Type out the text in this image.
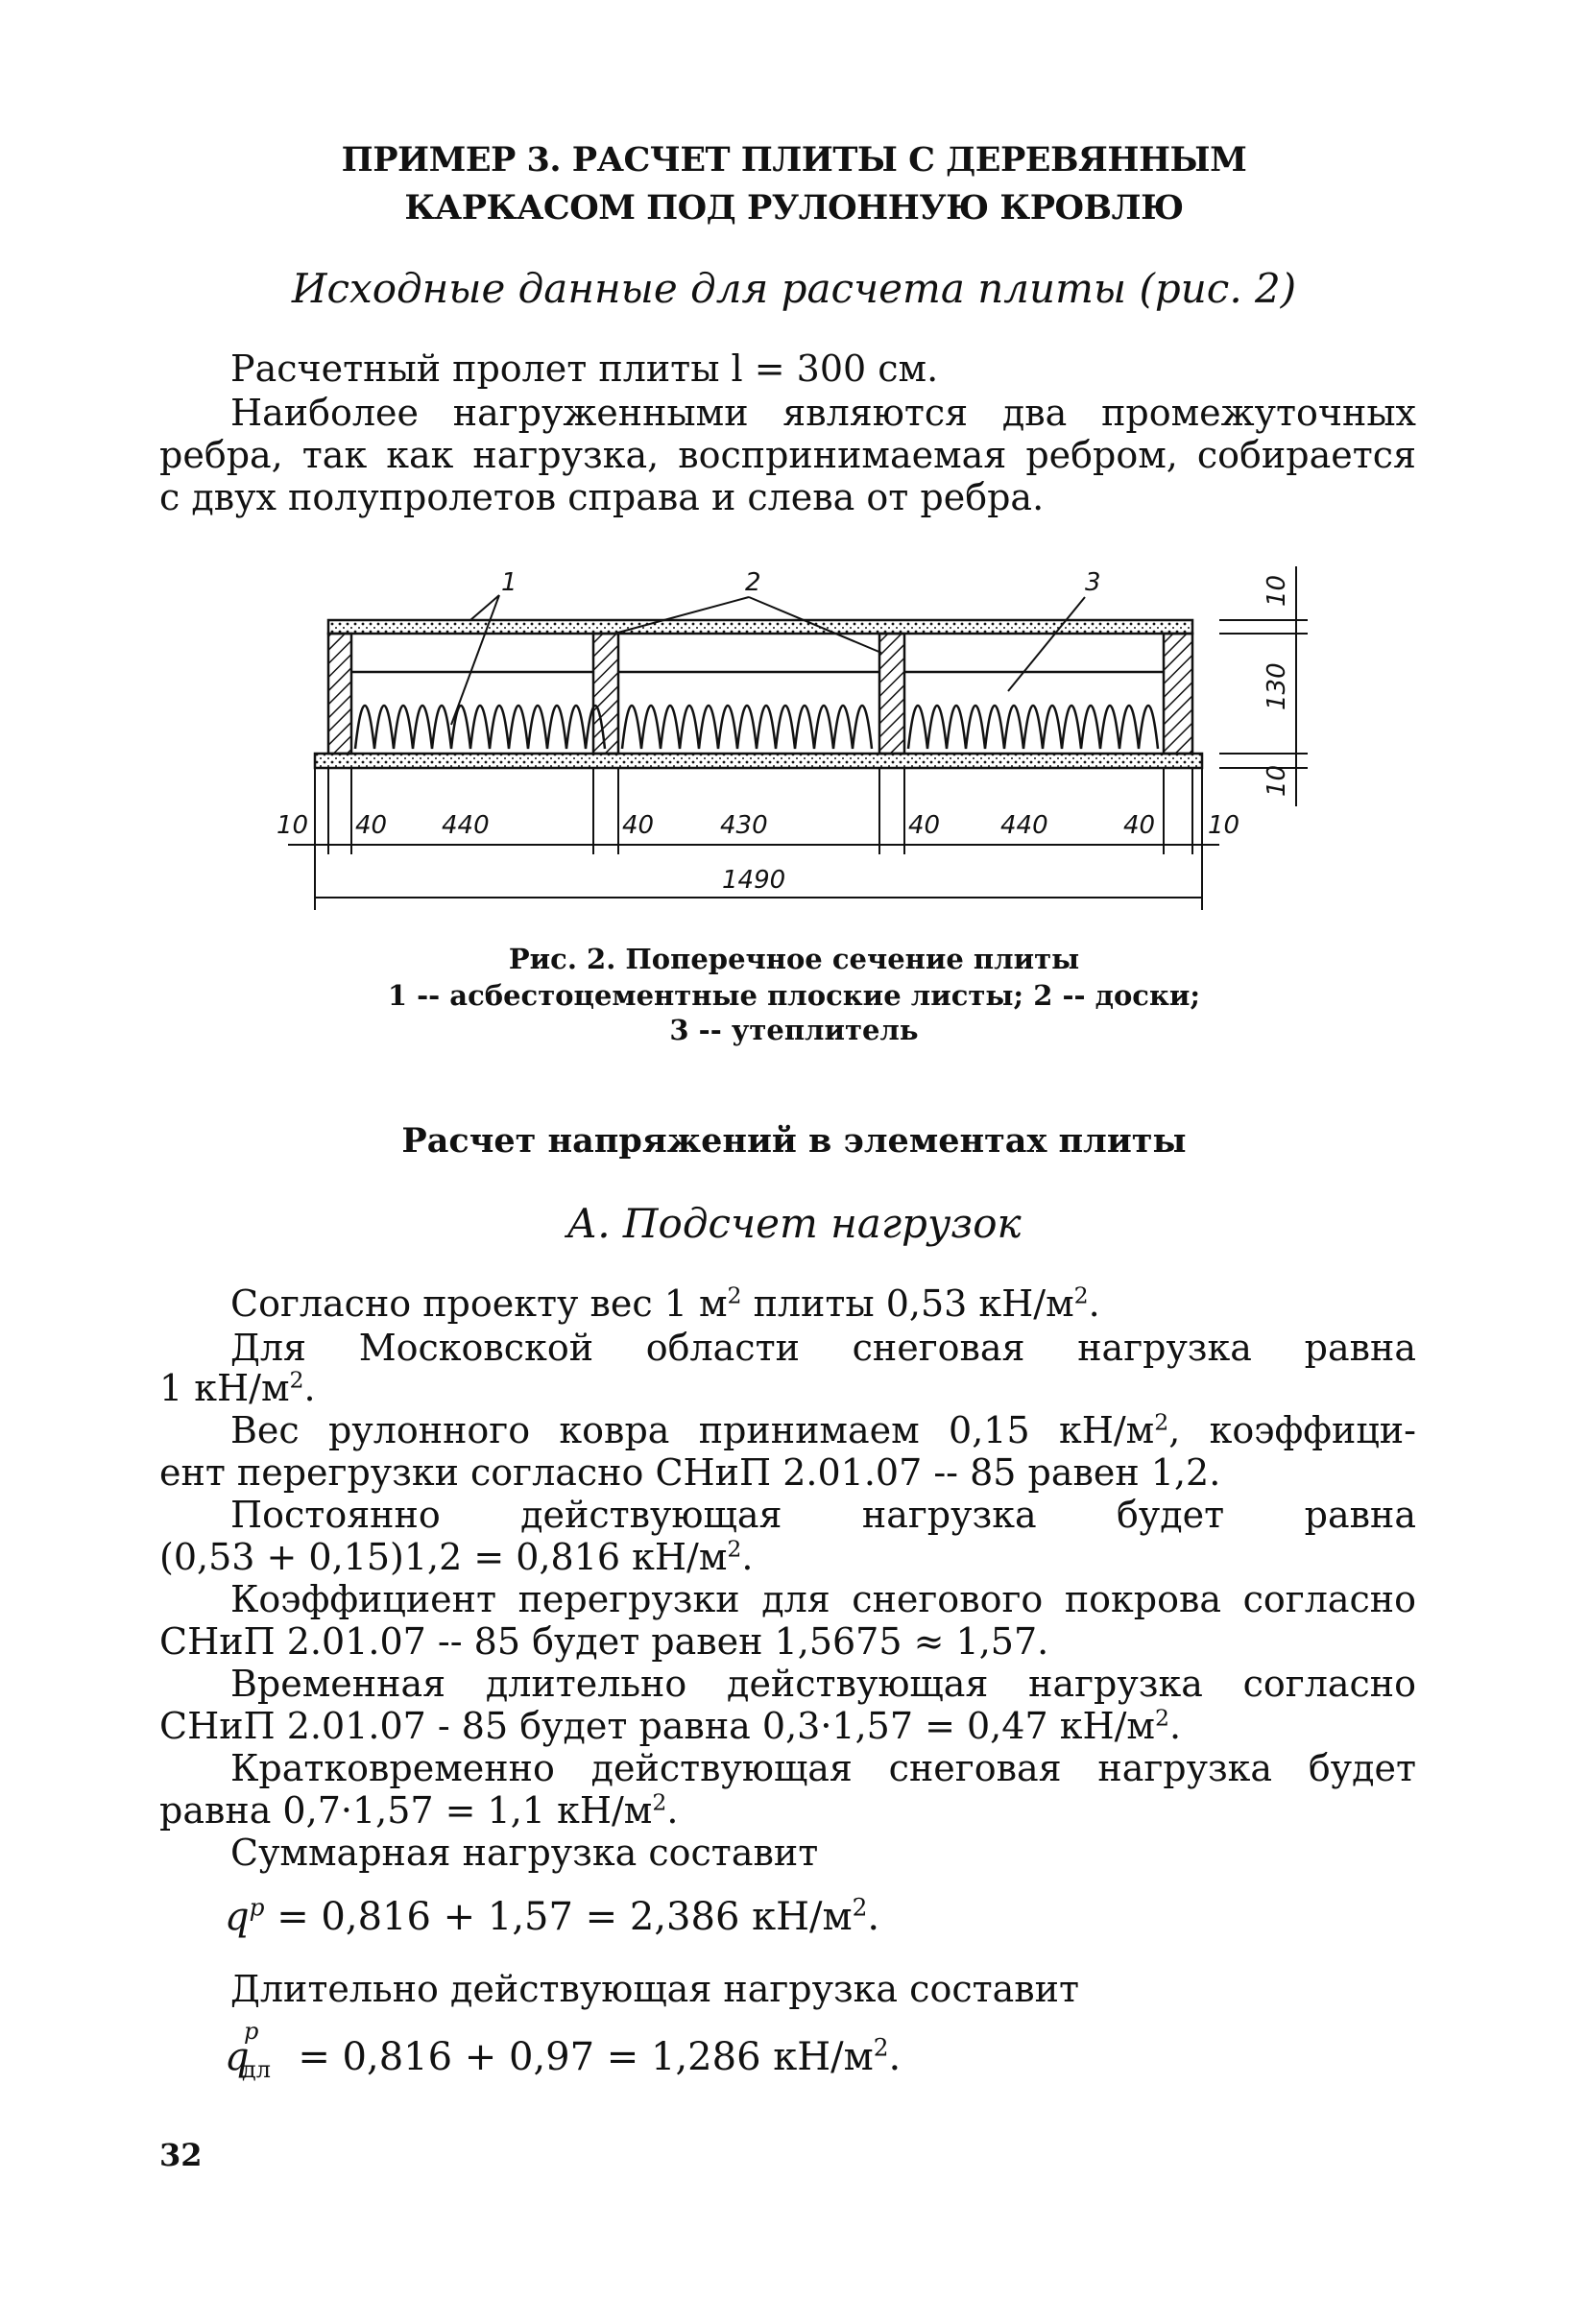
ПРИМЕР 3. РАСЧЕТ ПЛИТЫ С ДЕРЕВЯННЫМ
КАРКАСОМ ПОД РУЛОННУЮ КРОВЛЮ
Исходные данные для расчета плиты (рис. 2)
Расчетный пролет плиты l = 300 см.
Наиболее нагруженными являются два промежуточных
ребра, так как нагрузка, воспринимаемая ребром, собирается
с двух полупролетов справа и слева от ребра.
1	2	3
10 40 440	40	430	40 440	40 10
1490
10
130
10
Рис. 2. Поперечное сечение плиты
1 -- асбестоцементные плоские листы; 2 -- доски;
3 -- утеплитель
Расчет напряжений в элементах плиты
А. Подсчет нагрузок
Согласно проекту вес 1 $м^2$ плиты 0,53 $кН/м^2$.
Для Московской области снеговая нагрузка равна
1 $кН/м^2$.
Вес рулонного ковра принимаем 0,15 $кН/м^2$, коэффици-
ент перегрузки согласно СНиП 2.01.07 -- 85 равен 1,2.
Постоянно действующая нагрузка будет равна
(0,53 + 0,15)1,2 = 0,816 $кН/м^2$.
Коэффициент перегрузки для снегового покрова согласно
СНиП 2.01.07 -- 85 будет равен 1,5675 ≈ 1,57.
Временная длительно действующая нагрузка согласно
СНиП 2.01.07 - 85 будет равна 0,3·1,57 = 0,47 $кН/м^2$.
Кратковременно действующая снеговая нагрузка будет
равна 0,7·1,57 = 1,1 $кН/м^2$.
Суммарная нагрузка составит
$q^p = 0,816 + 1,57 = 2,386$ $кН/м^2$.
Длительно действующая нагрузка составит
q
p
дл = 0,816 + 0,97 = 1,286 $кН/м^2$.
32
